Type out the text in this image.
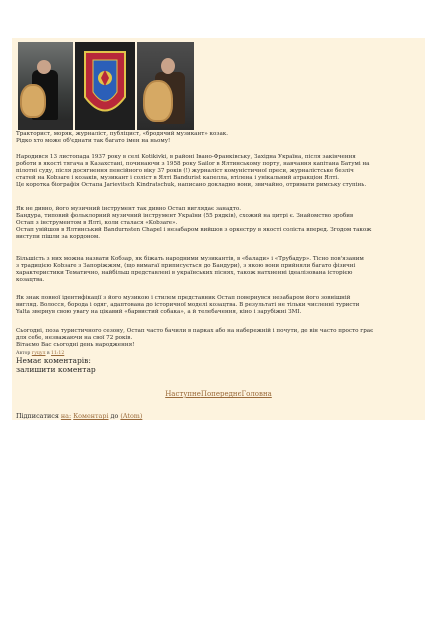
Тракторист, моряк, журналіст, публіцист, «бродячий музикант» козак.
Рідко хто може об'єднати так багато імен на ньому!
Народився 13 листопада 1937 року в селі Kotikivki, в районі Івано-Франківську, Західна Україна, після закінчення
роботи в якості тягача в Казахстані, починаючи з 1958 року Sailor в Ялтинському порту, навчання капітана Батумі на
пілотні суду, після досягнення пенсійного віку 37 років (!) журналіст комуністичної преси, журналістське безліч
статей на Kobзаre і козаків, музикант і соліст в Ялті Bandurist капелла, втілена і унікальний атракціон Ялті.
Це коротка біографія Остапа Jarievitsch Kindratschuk, написано докладно вони, звичайно, отримати римську ступінь.
Як не дивно, його музичний інструмент так дивно Остап виглядає занадто.
Бандура, типовий фольклорний музичний інструмент України (55 рядків), схожий на цитрі є. Знайомство зробив
Остап з інструментом в Ялті, коли сталася «Kobзаre».
Остап увійшов в Ялтинський Bandurnsten Chapel і незабаром вийшов з оркестру в якості соліста вперед. Згодом також
виступи пішли за кордоном.
Більшість з них можна назвати Кобзар, як біжать народними музикантів, в «балади» і «Трубадур». Тісно пов'язаним
з традицією Kobзаre з Запоріжжям, (що вимагаї приписується до Бандури), з якою вони прийняли багато фізичні
характеристики Тематично, найбільш представлені в українських піснях, також натхненні ідеалізована історією
козацтва.
Як знак повної ідентифікації з його музикою і стилем представник Остап повернувся незабаром його зовнішній
вигляд. Волосся, борода і одяг, адаптована до історичної моделі козацтва. В результаті не тільки численні туристи
Yalta звернув свою увагу на цікавий «барвистий собака», а й телебачення, кіно і зарубіжні ЗМІ.
Сьогодні, поза туристичного сезону, Остап часто бачили в парках або на набережній і почути, де він часто просто грає
для себе, незважаючи на свої 72 років.
Вітаємо Вас сьогодні день народження!
Автор гуцул в 11:12
Немає коментарів:
залишити коментар
НаступнеПопереднєГоловна
Підписатися на: Коментарі до (Atom)
